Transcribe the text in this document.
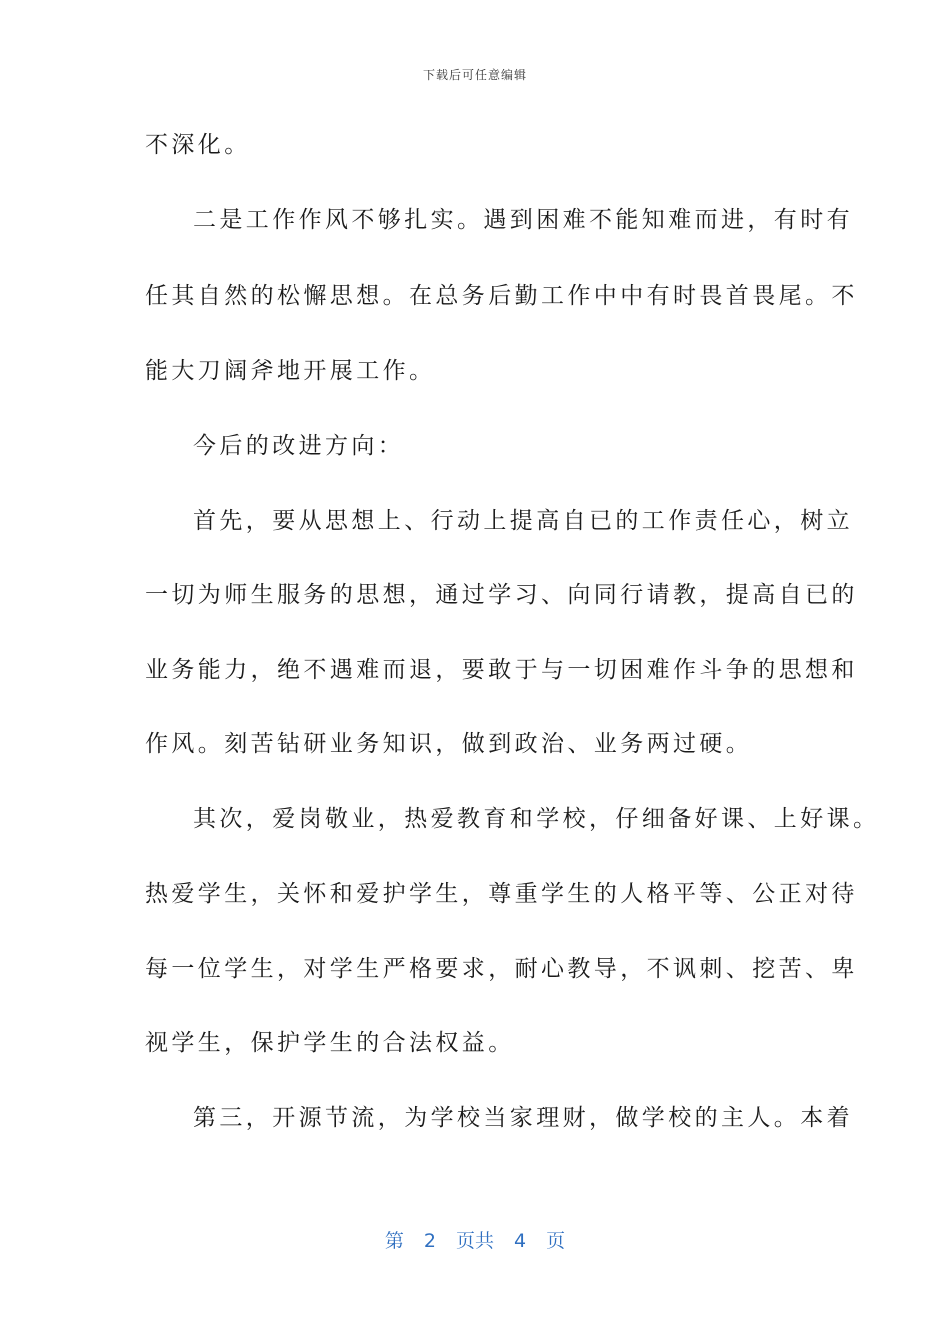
下载后可任意编辑
不深化。
二是工作作风不够扎实。遇到困难不能知难而进，有时有
任其自然的松懈思想。在总务后勤工作中中有时畏首畏尾。不
能大刀阔斧地开展工作。
今后的改进方向：
首先，要从思想上、行动上提高自已的工作责任心，树立
一切为师生服务的思想，通过学习、向同行请教，提高自已的
业务能力，绝不遇难而退，要敢于与一切困难作斗争的思想和
作风。刻苦钻研业务知识，做到政治、业务两过硬。
其次，爱岗敬业，热爱教育和学校，仔细备好课、上好课。
热爱学生，关怀和爱护学生，尊重学生的人格平等、公正对待
每一位学生，对学生严格要求，耐心教导，不讽刺、挖苦、卑
视学生，保护学生的合法权益。
第三，开源节流，为学校当家理财，做学校的主人。本着
第 2 页共 4 页
